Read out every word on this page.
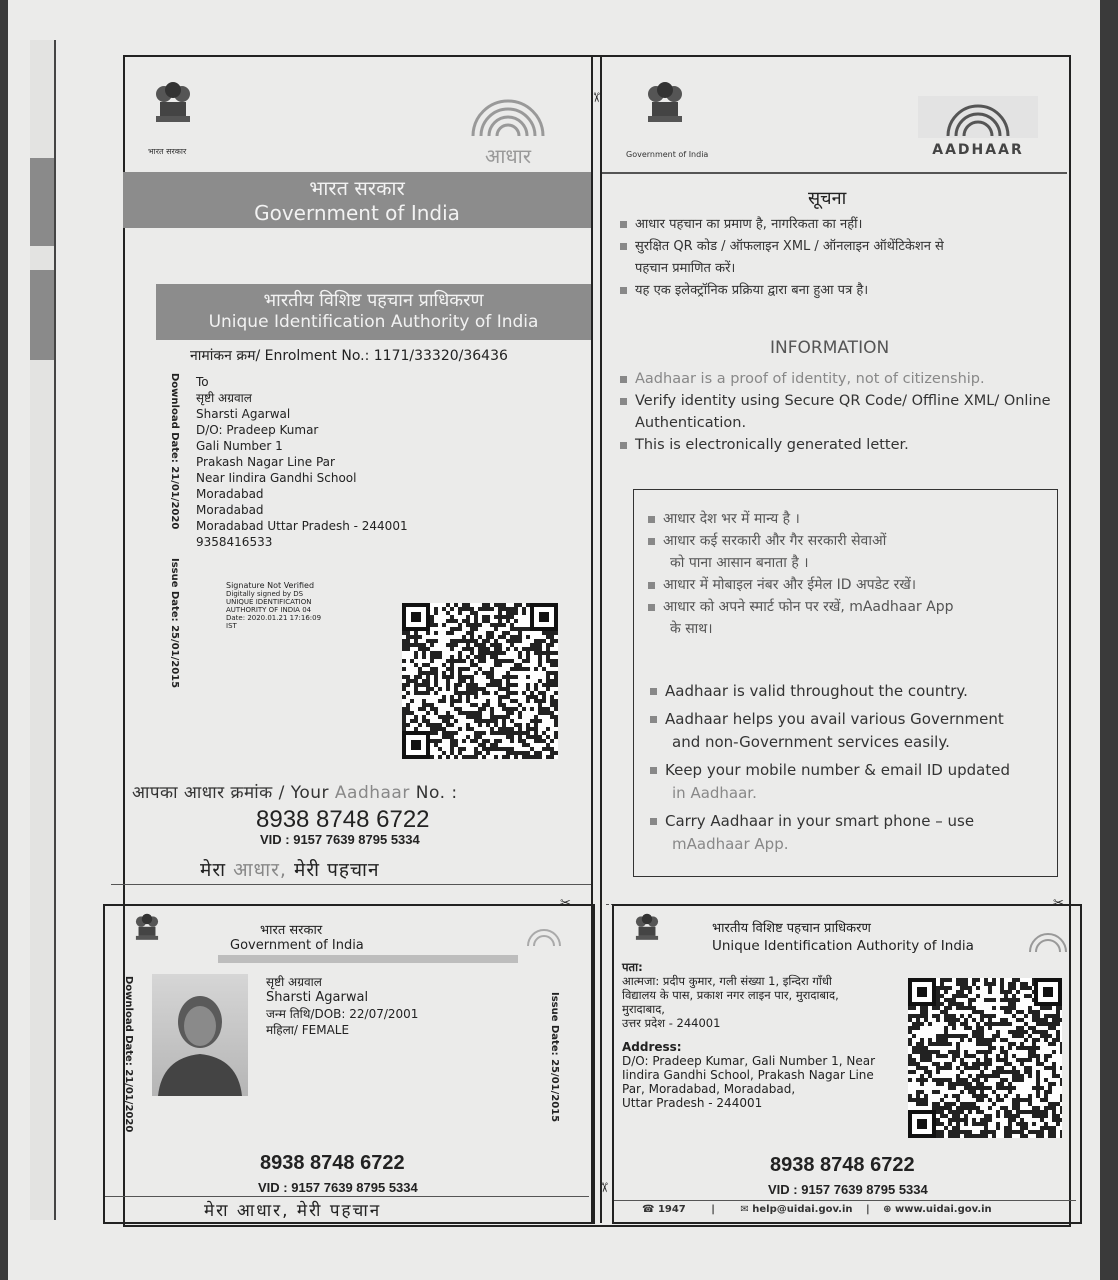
भारत सरकार	आधार
भारत सरकार
Government of India
भारतीय विशिष्ट पहचान प्राधिकरण
Unique Identification Authority of India
नामांकन क्रम/ Enrolment No.: 1171/33320/36436
Download Date: 21/01/2020
Issue Date: 25/01/2015
To
सृष्टी अग्रवाल
Sharsti Agarwal
D/O: Pradeep Kumar
Gali Number 1
Prakash Nagar Line Par
Near Iindira Gandhi School
Moradabad
Moradabad
Moradabad Uttar Pradesh - 244001
9358416533
Signature Not Verified
Digitally signed by DS
UNIQUE IDENTIFICATION
AUTHORITY OF INDIA 04
Date: 2020.01.21 17:16:09
IST
आपका आधार क्रमांक / Your Aadhaar No. :
8938 8748 6722
VID : 9157 7639 8795 5334
मेरा आधार, मेरी पहचान
Government of India	AADHAAR
सूचना
आधार पहचान का प्रमाण है, नागरिकता का नहीं।
सुरक्षित QR कोड / ऑफलाइन XML / ऑनलाइन ऑथेंटिकेशन से
पहचान प्रमाणित करें।
यह एक इलेक्ट्रॉनिक प्रक्रिया द्वारा बना हुआ पत्र है।
INFORMATION
Aadhaar is a proof of identity, not of citizenship.
Verify identity using Secure QR Code/ Offline XML/ Online
Authentication.
This is electronically generated letter.
आधार देश भर में मान्य है ।
आधार कई सरकारी और गैर सरकारी सेवाओं
को पाना आसान बनाता है ।
आधार में मोबाइल नंबर और ईमेल ID अपडेट रखें।
आधार को अपने स्मार्ट फोन पर रखें, mAadhaar App
के साथ।
Aadhaar is valid throughout the country.
Aadhaar helps you avail various Government
and non-Government services easily.
Keep your mobile number & email ID updated
in Aadhaar.
Carry Aadhaar in your smart phone – use
mAadhaar App.
✂	✂
✂
✂
भारत सरकार
Government of India
Download Date: 21/01/2020	Issue Date: 25/01/2015
सृष्टी अग्रवाल
Sharsti Agarwal
जन्म तिथि/DOB: 22/07/2001
महिला/ FEMALE
8938 8748 6722
VID : 9157 7639 8795 5334
मेरा आधार, मेरी पहचान
भारतीय विशिष्ट पहचान प्राधिकरण
Unique Identification Authority of India
पता:
आत्मजा: प्रदीप कुमार, गली संख्या 1, इन्दिरा गाँधी
विद्यालय के पास, प्रकाश नगर लाइन पार, मुरादाबाद,
मुरादाबाद,
उत्तर प्रदेश - 244001
Address:
D/O: Pradeep Kumar, Gali Number 1, Near
Iindira Gandhi School, Prakash Nagar Line
Par, Moradabad, Moradabad,
Uttar Pradesh - 244001
8938 8748 6722
VID : 9157 7639 8795 5334
☎ 1947	|	✉ help@uidai.gov.in | ⊕ www.uidai.gov.in
